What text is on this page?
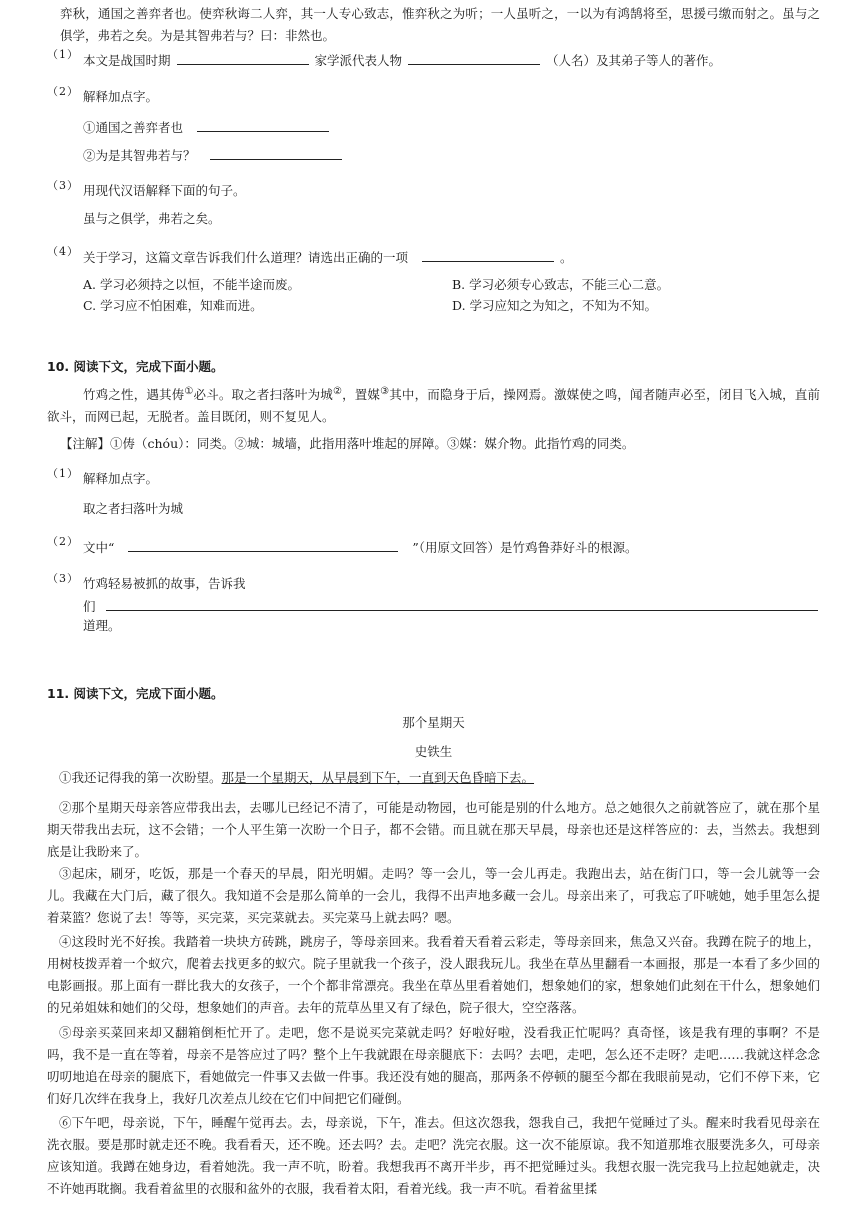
弈秋，通国之善弈者也。使弈秋诲二人弈，其一人专心致志，惟弈秋之为听；一人虽听之，一以为有鸿鹄将至，思援弓缴而射之。虽与之俱学，弗若之矣。为是其智弗若与？曰：非然也。
（1） 本文是战国时期	家学派代表人物	（人名）及其弟子等人的著作。
（2） 解释加点字。
①通国之善弈者也
②为是其智弗若与？
（3） 用现代汉语解释下面的句子。
虽与之俱学，弗若之矣。
（4） 关于学习，这篇文章告诉我们什么道理？请选出正确的一项	。
A. 学习必须持之以恒，不能半途而废。	B. 学习必须专心致志，不能三心二意。
C. 学习应不怕困难，知难而进。	D. 学习应知之为知之，不知为不知。
10. 阅读下文，完成下面小题。
竹鸡之性，遇其俦①必斗。取之者扫落叶为城②，置媒③其中，而隐身于后，操网焉。激媒使之鸣，闻者随声必至，闭目飞入城，直前欲斗，而网已起，无脱者。盖目既闭，则不复见人。
【注解】①俦（chóu）：同类。②城：城墙，此指用落叶堆起的屏障。③媒：媒介物。此指竹鸡的同类。
（1） 解释加点字。
取之者扫落叶为城
（2） 文中“	”（用原文回答）是竹鸡鲁莽好斗的根源。
（3） 竹鸡轻易被抓的故事，告诉我
们
道理。
11. 阅读下文，完成下面小题。
那个星期天
史铁生
①我还记得我的第一次盼望。那是一个星期天，从早晨到下午，一直到天色昏暗下去。
②那个星期天母亲答应带我出去，去哪儿已经记不清了，可能是动物园，也可能是别的什么地方。总之她很久之前就答应了，就在那个星期天带我出去玩，这不会错；一个人平生第一次盼一个日子，都不会错。而且就在那天早晨，母亲也还是这样答应的：去，当然去。我想到底是让我盼来了。
③起床，刷牙，吃饭，那是一个春天的早晨，阳光明媚。走吗？等一会儿，等一会儿再走。我跑出去，站在街门口，等一会儿就等一会儿。我藏在大门后，藏了很久。我知道不会是那么简单的一会儿，我得不出声地多藏一会儿。母亲出来了，可我忘了吓唬她，她手里怎么提着菜篮？您说了去！等等，买完菜，买完菜就去。买完菜马上就去吗？嗯。
④这段时光不好挨。我踏着一块块方砖跳，跳房子，等母亲回来。我看着天看着云彩走，等母亲回来，焦急又兴奋。我蹲在院子的地上，用树枝拨弄着一个蚁穴，爬着去找更多的蚁穴。院子里就我一个孩子，没人跟我玩儿。我坐在草丛里翻看一本画报，那是一本看了多少回的电影画报。那上面有一群比我大的女孩子，一个个都非常漂亮。我坐在草丛里看着她们，想象她们的家，想象她们此刻在干什么，想象她们的兄弟姐妹和她们的父母，想象她们的声音。去年的荒草丛里又有了绿色，院子很大，空空落落。
⑤母亲买菜回来却又翻箱倒柜忙开了。走吧，您不是说买完菜就走吗？好啦好啦，没看我正忙呢吗？真奇怪，该是我有理的事啊？不是吗，我不是一直在等着，母亲不是答应过了吗？整个上午我就跟在母亲腿底下：去吗？去吧，走吧，怎么还不走呀？走吧……我就这样念念叨叨地追在母亲的腿底下，看她做完一件事又去做一件事。我还没有她的腿高，那两条不停顿的腿至今都在我眼前晃动，它们不停下来，它们好几次绊在我身上，我好几次差点儿绞在它们中间把它们碰倒。
⑥下午吧，母亲说，下午，睡醒午觉再去。去，母亲说，下午，准去。但这次怨我，怨我自己，我把午觉睡过了头。醒来时我看见母亲在洗衣服。要是那时就走还不晚。我看看天，还不晚。还去吗？去。走吧？洗完衣服。这一次不能原谅。我不知道那堆衣服要洗多久，可母亲应该知道。我蹲在她身边，看着她洗。我一声不吭，盼着。我想我再不离开半步，再不把觉睡过头。我想衣服一洗完我马上拉起她就走，决不许她再耽搁。我看着盆里的衣服和盆外的衣服，我看着太阳，看着光线。我一声不吭。看着盆里揉
